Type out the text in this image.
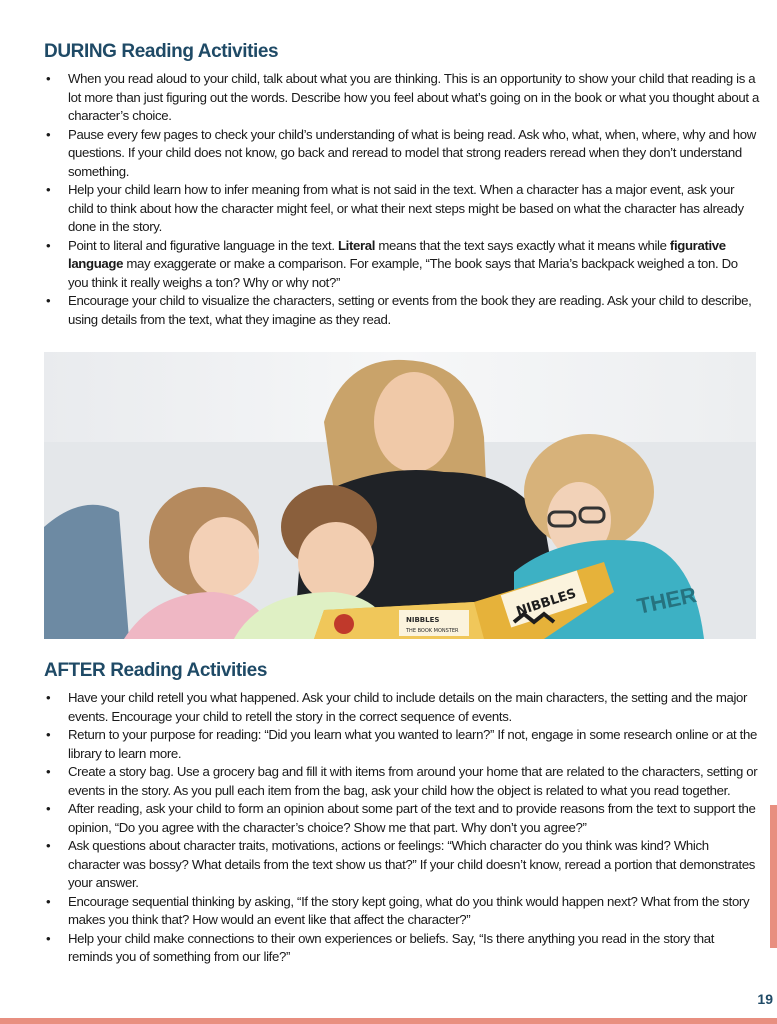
DURING Reading Activities
• When you read aloud to your child, talk about what you are thinking. This is an opportunity to show your child that reading is a lot more than just figuring out the words. Describe how you feel about what’s going on in the book or what you thought about a character’s choice.
• Pause every few pages to check your child’s understanding of what is being read. Ask who, what, when, where, why and how questions. If your child does not know, go back and reread to model that strong readers reread when they don’t understand something.
• Help your child learn how to infer meaning from what is not said in the text. When a character has a major event, ask your child to think about how the character might feel, or what their next steps might be based on what the character has already done in the story.
• Point to literal and figurative language in the text. Literal means that the text says exactly what it means while figurative language may exaggerate or make a comparison. For example, “The book says that Maria’s backpack weighed a ton. Do you think it really weighs a ton? Why or why not?”
• Encourage your child to visualize the characters, setting or events from the book they are reading. Ask your child to describe, using details from the text, what they imagine as they read.
THER
NIBBLES
THE BOOK MONSTER
NIBBLES
AFTER Reading Activities
• Have your child retell you what happened. Ask your child to include details on the main characters, the setting and the major events. Encourage your child to retell the story in the correct sequence of events.
• Return to your purpose for reading: “Did you learn what you wanted to learn?” If not, engage in some research online or at the library to learn more.
• Create a story bag. Use a grocery bag and fill it with items from around your home that are related to the characters, setting or events in the story. As you pull each item from the bag, ask your child how the object is related to what you read together.
• After reading, ask your child to form an opinion about some part of the text and to provide reasons from the text to support the opinion, “Do you agree with the character’s choice? Show me that part. Why don’t you agree?”
• Ask questions about character traits, motivations, actions or feelings: “Which character do you think was kind? Which character was bossy? What details from the text show us that?” If your child doesn’t know, reread a portion that demonstrates your answer.
• Encourage sequential thinking by asking, “If the story kept going, what do you think would happen next? What from the story makes you think that? How would an event like that affect the character?”
• Help your child make connections to their own experiences or beliefs. Say, “Is there anything you read in the story that reminds you of something from our life?”
19
